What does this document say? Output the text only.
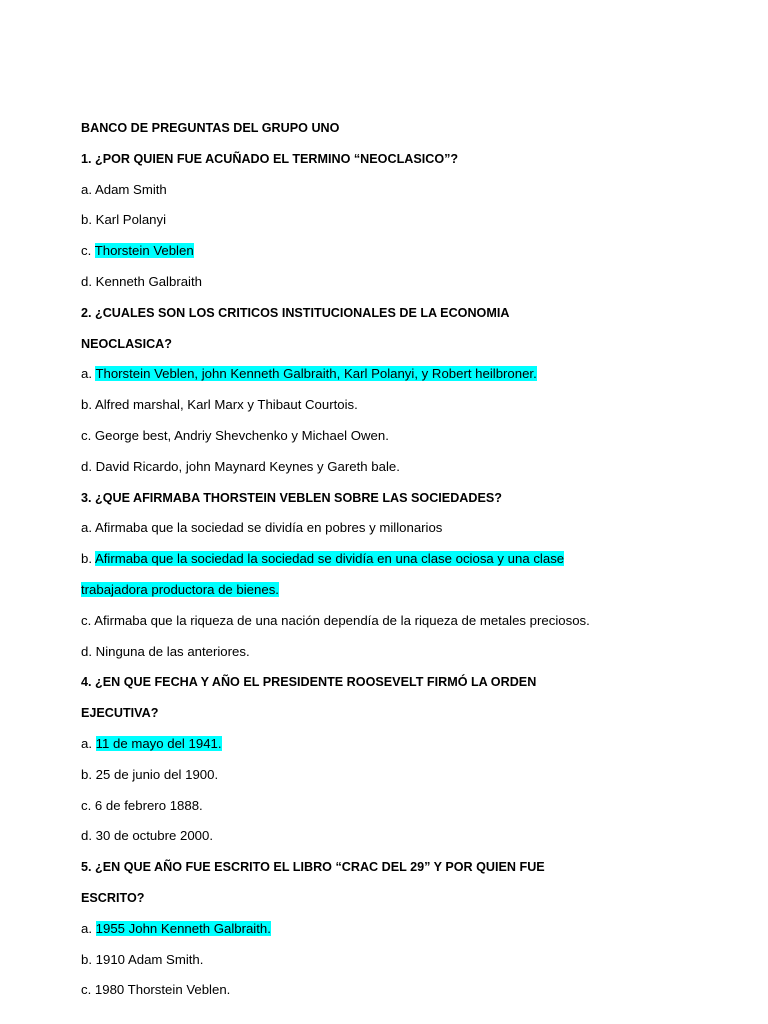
BANCO DE PREGUNTAS DEL GRUPO UNO
1. ¿POR QUIEN FUE ACUÑADO EL TERMINO “NEOCLASICO”?
a. Adam Smith
b. Karl Polanyi
c. Thorstein Veblen
d. Kenneth Galbraith
2. ¿CUALES SON LOS CRITICOS INSTITUCIONALES DE LA ECONOMIA
NEOCLASICA?
a. Thorstein Veblen, john Kenneth Galbraith, Karl Polanyi, y Robert heilbroner.
b. Alfred marshal, Karl Marx y Thibaut Courtois.
c. George best, Andriy Shevchenko y Michael Owen.
d. David Ricardo, john Maynard Keynes y Gareth bale.
3. ¿QUE AFIRMABA THORSTEIN VEBLEN SOBRE LAS SOCIEDADES?
a. Afirmaba que la sociedad se dividía en pobres y millonarios
b. Afirmaba que la sociedad la sociedad se dividía en una clase ociosa y una clase
trabajadora productora de bienes.
c. Afirmaba que la riqueza de una nación dependía de la riqueza de metales preciosos.
d. Ninguna de las anteriores.
4. ¿EN QUE FECHA Y AÑO EL PRESIDENTE ROOSEVELT FIRMÓ LA ORDEN
EJECUTIVA?
a. 11 de mayo del 1941.
b. 25 de junio del 1900.
c. 6 de febrero 1888.
d. 30 de octubre 2000.
5. ¿EN QUE AÑO FUE ESCRITO EL LIBRO “CRAC DEL 29” Y POR QUIEN FUE
ESCRITO?
a. 1955 John Kenneth Galbraith.
b. 1910 Adam Smith.
c. 1980 Thorstein Veblen.
